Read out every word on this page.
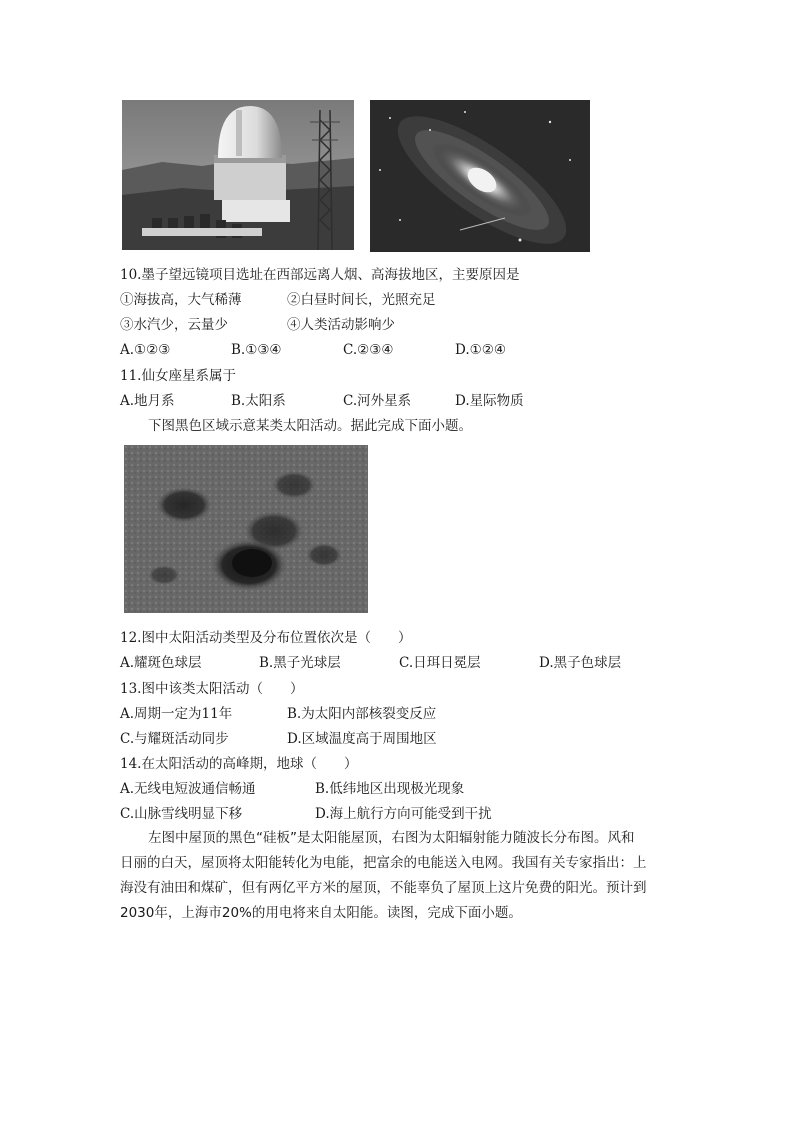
10.墨子望远镜项目选址在西部远离人烟、高海拔地区，主要原因是
①海拔高，大气稀薄	②白昼时间长，光照充足
③水汽少，云量少	④人类活动影响少
A.①②③	B.①③④	C.②③④	D.①②④
11.仙女座星系属于
A.地月系	B.太阳系	C.河外星系	D.星际物质
下图黑色区域示意某类太阳活动。据此完成下面小题。
12.图中太阳活动类型及分布位置依次是（　　）
A.耀斑色球层	B.黑子光球层	C.日珥日冕层	D.黑子色球层
13.图中该类太阳活动（　　）
A.周期一定为11年	B.为太阳内部核裂变反应
C.与耀斑活动同步	D.区域温度高于周围地区
14.在太阳活动的高峰期，地球（　　）
A.无线电短波通信畅通	B.低纬地区出现极光现象
C.山脉雪线明显下移	D.海上航行方向可能受到干扰
左图中屋顶的黑色“硅板”是太阳能屋顶，右图为太阳辐射能力随波长分布图。风和
日丽的白天，屋顶将太阳能转化为电能，把富余的电能送入电网。我国有关专家指出：上
海没有油田和煤矿，但有两亿平方米的屋顶，不能辜负了屋顶上这片免费的阳光。预计到
2030年，上海市20%的用电将来自太阳能。读图，完成下面小题。
